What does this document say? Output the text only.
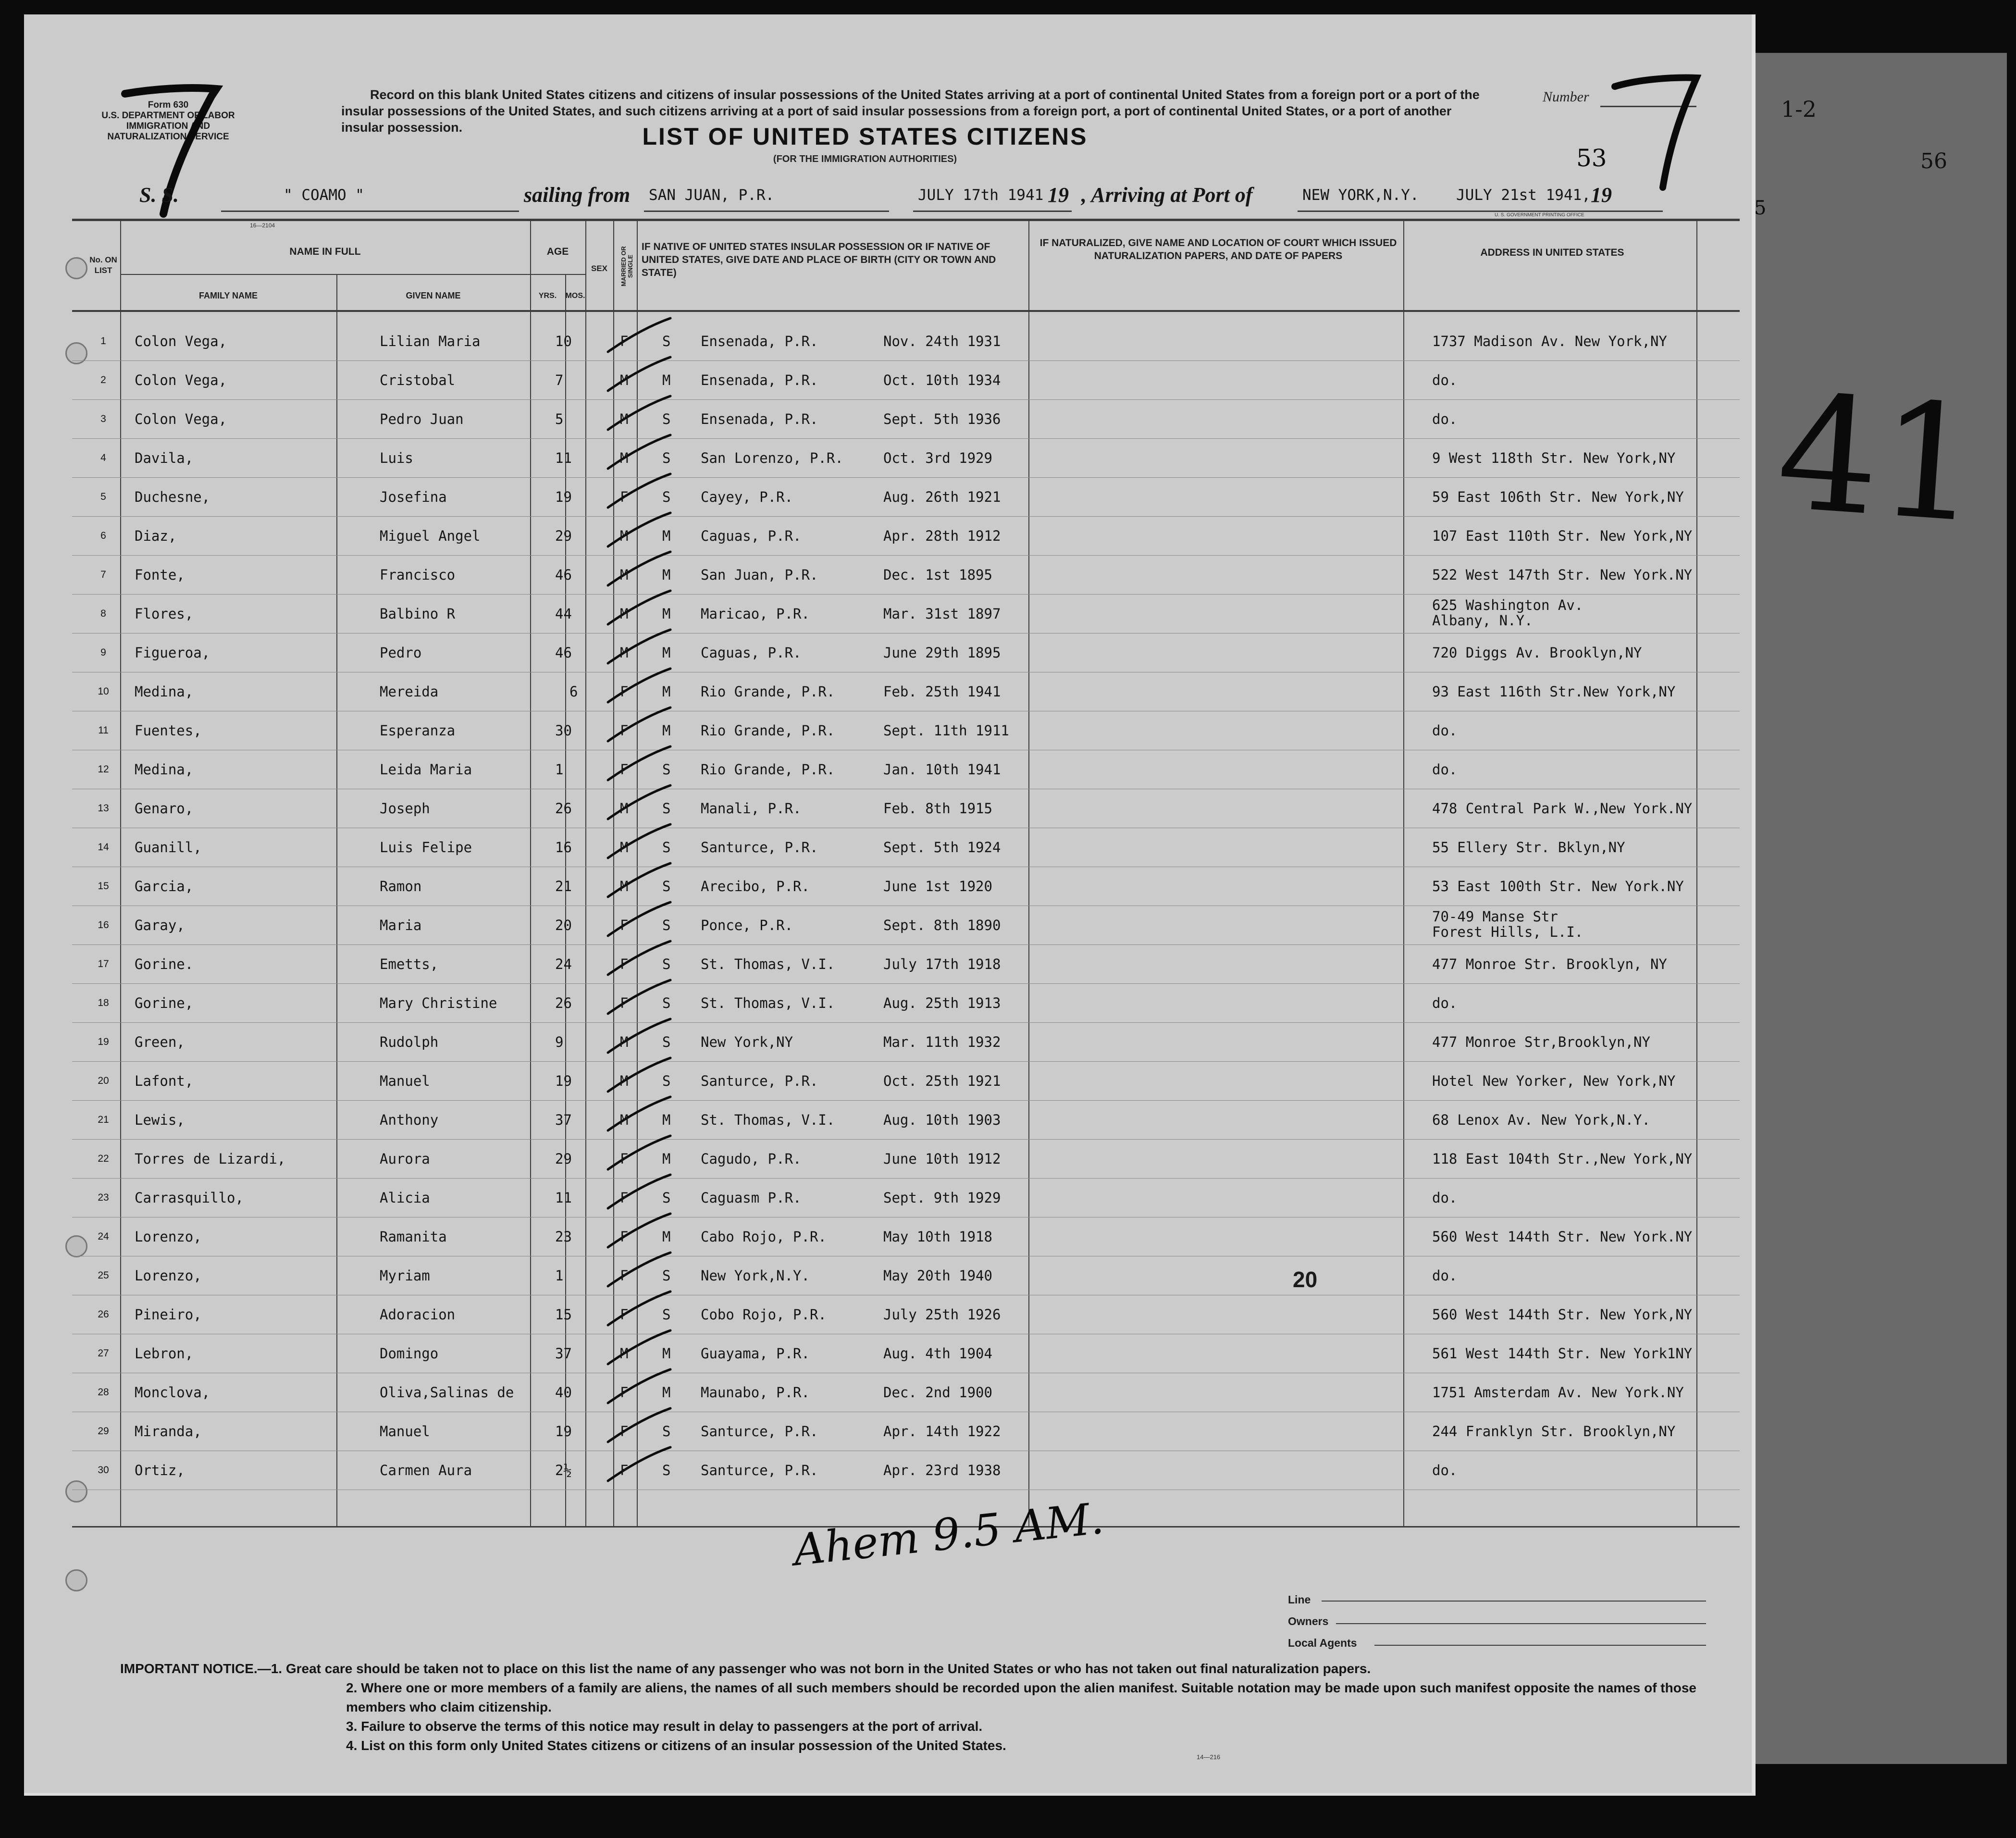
56
1-2
Form 630
U.S. DEPARTMENT OF LABOR
IMMIGRATION AND
NATURALIZATION SERVICE
Record on this blank United States citizens and citizens of insular possessions of the United States arriving at a port of continental United States from a foreign port or a port of the insular possessions of the United States, and such citizens arriving at a port of said insular possessions from a foreign port, a port of continental United States, or a port of another insular possession.
Number
LIST OF UNITED STATES CITIZENS
(FOR THE IMMIGRATION AUTHORITIES)	53
S. S.	" COAMO "	sailing from SAN JUAN, P.R.	JULY 17th 1941 19 , Arriving at Port of	NEW YORK,N.Y. JULY 21st 1941, 19
U. S. GOVERNMENT PRINTING OFFICE
16—2104
No. ON LIST
NAME IN FULL
FAMILY NAME	GIVEN NAME
AGE
YRS.	MOS.
SEX	MARRIED OR SINGLE
IF NATIVE OF UNITED STATES INSULAR POSSESSION OR IF NATIVE OF UNITED STATES, GIVE DATE AND PLACE OF BIRTH (CITY OR TOWN AND STATE)
IF NATURALIZED, GIVE NAME AND LOCATION OF COURT WHICH ISSUED NATURALIZATION PAPERS, AND DATE OF PAPERS	ADDRESS IN UNITED STATES
1	Colon Vega,	Lilian Maria	10	F S Ensenada, P.R.	Nov. 24th 1931	1737 Madison Av. New York,NY
2	Colon Vega,	Cristobal	7	M M Ensenada, P.R.	Oct. 10th 1934	do.
3	Colon Vega,	Pedro Juan	5	M S Ensenada, P.R.	Sept. 5th 1936	do.
4	Davila,	Luis	11	M S San Lorenzo, P.R.	Oct. 3rd 1929	9 West 118th Str. New York,NY
5	Duchesne,	Josefina	19	F S Cayey, P.R.	Aug. 26th 1921	59 East 106th Str. New York,NY
6	Diaz,	Miguel Angel	29	M M Caguas, P.R.	Apr. 28th 1912	107 East 110th Str. New York,NY
7	Fonte,	Francisco	46	M M San Juan, P.R.	Dec. 1st 1895	522 West 147th Str. New York.NY
8	Flores,	Balbino R	44	M M Maricao, P.R.	Mar. 31st 1897
625 Washington Av.
Albany, N.Y.
9	Figueroa,	Pedro	46	M M Caguas, P.R.	June 29th 1895	720 Diggs Av. Brooklyn,NY
10	Medina,	Mereida	6	F M Rio Grande, P.R.	Feb. 25th 1941	93 East 116th Str.New York,NY
11	Fuentes,	Esperanza	30	F M Rio Grande, P.R.	Sept. 11th 1911	do.
12	Medina,	Leida Maria	1	F S Rio Grande, P.R.	Jan. 10th 1941	do.
13	Genaro,	Joseph	26	M S Manali, P.R.	Feb. 8th 1915	478 Central Park W.,New York.NY
14	Guanill,	Luis Felipe	16	M S Santurce, P.R.	Sept. 5th 1924	55 Ellery Str. Bklyn,NY
15	Garcia,	Ramon	21	M S Arecibo, P.R.	June 1st 1920	53 East 100th Str. New York.NY
16	Garay,	Maria	20	F S Ponce, P.R.	Sept. 8th 1890
70-49 Manse Str
Forest Hills, L.I.
17	Gorine.	Emetts,	24	F S St. Thomas, V.I.	July 17th 1918	477 Monroe Str. Brooklyn, NY
18	Gorine,	Mary Christine	26	F S St. Thomas, V.I.	Aug. 25th 1913	do.
19	Green,	Rudolph	9	M S New York,NY	Mar. 11th 1932	477 Monroe Str,Brooklyn,NY
20	Lafont,	Manuel	19	M S Santurce, P.R.	Oct. 25th 1921	Hotel New Yorker, New York,NY
21	Lewis,	Anthony	37	M M St. Thomas, V.I.	Aug. 10th 1903	68 Lenox Av. New York,N.Y.
22	Torres de Lizardi,	Aurora	29	F M Cagudo, P.R.	June 10th 1912	118 East 104th Str.,New York,NY
23	Carrasquillo,	Alicia	11	F S Caguasm P.R.	Sept. 9th 1929	do.
24	Lorenzo,	Ramanita	23	F M Cabo Rojo, P.R.	May 10th 1918	560 West 144th Str. New York.NY
25	Lorenzo,	Myriam	1	F S New York,N.Y.	May 20th 1940	do.
26	Pineiro,	Adoracion	15	F S Cobo Rojo, P.R.	July 25th 1926	560 West 144th Str. New York,NY
27	Lebron,	Domingo	37	M M Guayama, P.R.	Aug. 4th 1904	561 West 144th Str. New York1NY
28	Monclova,	Oliva,Salinas de	40	F M Maunabo, P.R.	Dec. 2nd 1900	1751 Amsterdam Av. New York.NY
29	Miranda,	Manuel	19	F S Santurce, P.R.	Apr. 14th 1922	244 Franklyn Str. Brooklyn,NY
30	Ortiz,	Carmen Aura	2½	F S Santurce, P.R.	Apr. 23rd 1938	do.
20
Ahem 9.5 AM.
Line
Owners
Local Agents
IMPORTANT NOTICE.—1. Great care should be taken not to place on this list the name of any passenger who was not born in the United States or who has not taken out final naturalization papers.
2. Where one or more members of a family are aliens, the names of all such members should be recorded upon the alien manifest. Suitable notation may be made upon such manifest opposite the names of those members who claim citizenship.
3. Failure to observe the terms of this notice may result in delay to passengers at the port of arrival.
4. List on this form only United States citizens or citizens of an insular possession of the United States.
14—216
41
5
